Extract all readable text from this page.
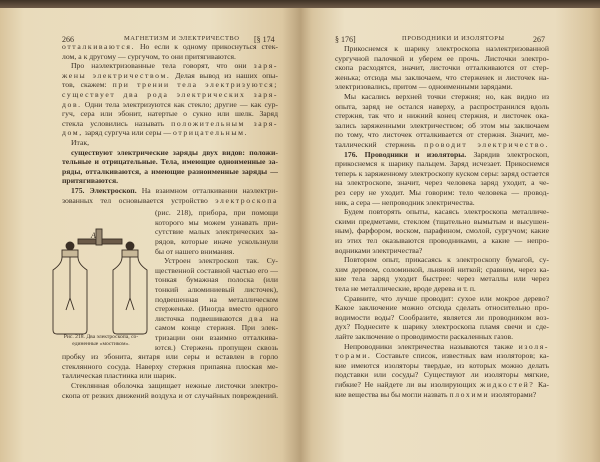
266	МАГНЕТИЗМ И ЭЛЕКТРИЧЕСТВО [§ 174
отталкиваются. Но если к одному прикоснуться стек-
лом, а к другому — сургучом, то они притягиваются.
Про наэлектризованные тела говорят, что они заря-
жены электричеством. Делая вывод из наших опы-
тов, скажем: при трении тела электризуются;
существует два рода электрических заря-
дов. Одни тела электризуются как стекло; другие — как сур-
гуч, сера или эбонит, натертые о сукно или шелк. Заряд
стекла условились называть положительным заря-
дом, заряд сургуча или серы — отрицательным.
Итак,
существуют электрические заряды двух видов: положи-
тельные и отрицательные. Тела, имеющие одноименные за-
ряды, отталкиваются, а имеющие разноименные заряды —
притягиваются.
175. Электроскоп. На взаимном отталкивании наэлектри-
зованных тел основывается устройство электроскопа
(рис. 218), прибора, при помощи
которого мы можем узнавать при-
сутствие малых электрических за-
рядов, которые иначе ускользнули
бы от нашего внимания.
Устроен электроскоп так. Су-
щественной составной частью его —
тонкая бумажная полоска (или
тонкий алюминиевый листочек),
подвешенная на металлическом
стерженьке. (Иногда вместо одного
листочка подвешиваются два на
самом конце стержня. При элек-
тризации они взаимно отталкива-
ются.) Стержень пропущен сквозь
пробку из эбонита, янтаря или серы и вставлен в горло
стеклянного сосуда. Наверху стержня припаяна плоская ме-
таллическая пластинка или шарик.
Стеклянная оболочка защищает нежные листочки электро-
скопа от резких движений воздуха и от случайных повреждений.
A
Рис. 218. Два электроскопа, со-
единенные «мостиком».
§ 176]	ПРОВОДНИКИ И ИЗОЛЯТОРЫ	267
Прикоснемся к шарику электроскопа наэлектризованной
сургучной палочкой и уберем ее прочь. Листочки электро-
скопа расходятся, значит, листочки отталкиваются от стер-
женька; отсюда мы заключаем, что стерженек и листочек на-
электризовались, притом — одноименными зарядами.
Мы касались верхней точки стержня; но, как видно из
опыта, заряд не остался наверху, а распространился вдоль
стержня, так что и нижний конец стержня, и листочек ока-
зались заряженными электричеством; об этом мы заключаем
по тому, что листочек отталкивается от стержня. Значит, ме-
таллический стержень проводит электричество.
176. Проводники и изоляторы. Зарядив электроскоп,
прикоснемся к шарику пальцем. Заряд исчезает. Прикоснемся
теперь к заряженному электроскопу куском серы: заряд остается
на электроскопе, значит, через человека заряд уходит, а че-
рез серу не уходит. Мы говорим: тело человека — провод-
ник, а сера — непроводник электричества.
Будем повторять опыты, касаясь электроскопа металличе-
скими предметами, стеклом (тщательно вымытым и высушен-
ным), фарфором, воском, парафином, смолой, сургучом; какие
из этих тел оказываются проводниками, а какие — непро-
водниками электричества?
Повторим опыт, прикасаясь к электроскопу бумагой, су-
хим деревом, соломинкой, льняной ниткой; сравним, через ка-
кие тела заряд уходит быстрее: через металлы или через
тела не металлические, вроде дерева и т. п.
Сравните, что лучше проводит: сухое или мокрое дерево?
Какое заключение можно отсюда сделать относительно про-
водимости воды? Сообразите, является ли проводником воз-
дух? Поднесите к шарику электроскопа пламя свечи и сде-
лайте заключение о проводимости раскаленных газов.
Непроводники электричества называются также изоля-
торами. Составьте список, известных вам изоляторов; ка-
кие имеются изоляторы твердые, из которых можно делать
подставки или сосуды? Существуют ли изоляторы мягкие,
гибкие? Не найдете ли вы изолирующих жидкостей? Ка-
кие вещества вы бы могли назвать плохими изоляторами?
